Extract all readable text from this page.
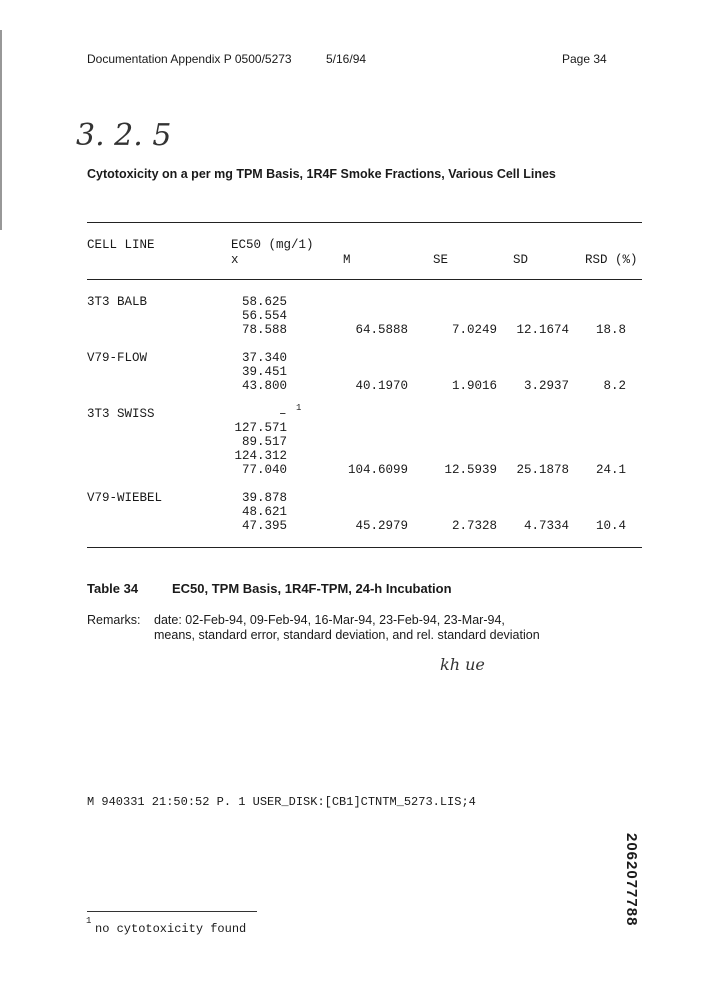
Documentation Appendix P 0500/5273	5/16/94	Page 34
3. 2. 5
Cytotoxicity on a per mg TPM Basis, 1R4F Smoke Fractions, Various Cell Lines
CELL LINE	EC50 (mg/1)
x	M	SE	SD	RSD (%)
3T3 BALB	58.625
56.554
78.588	64.5888	7.0249	12.1674	18.8
V79-FLOW	37.340
39.451
43.800	40.1970	1.9016	3.2937	8.2
3T3 SWISS	– 1
127.571
89.517
124.312
77.040	104.6099	12.5939	25.1878	24.1
V79-WIEBEL	39.878
48.621
47.395	45.2979	2.7328	4.7334	10.4
Table 34	EC50, TPM Basis, 1R4F-TPM, 24-h Incubation
Remarks: date: 02-Feb-94, 09-Feb-94, 16-Mar-94, 23-Feb-94, 23-Mar-94,
means, standard error, standard deviation, and rel. standard deviation
kh ue
M 940331 21:50:52 P. 1 USER_DISK:[CB1]CTNTM_5273.LIS;4
2062077788
1
no cytotoxicity found
